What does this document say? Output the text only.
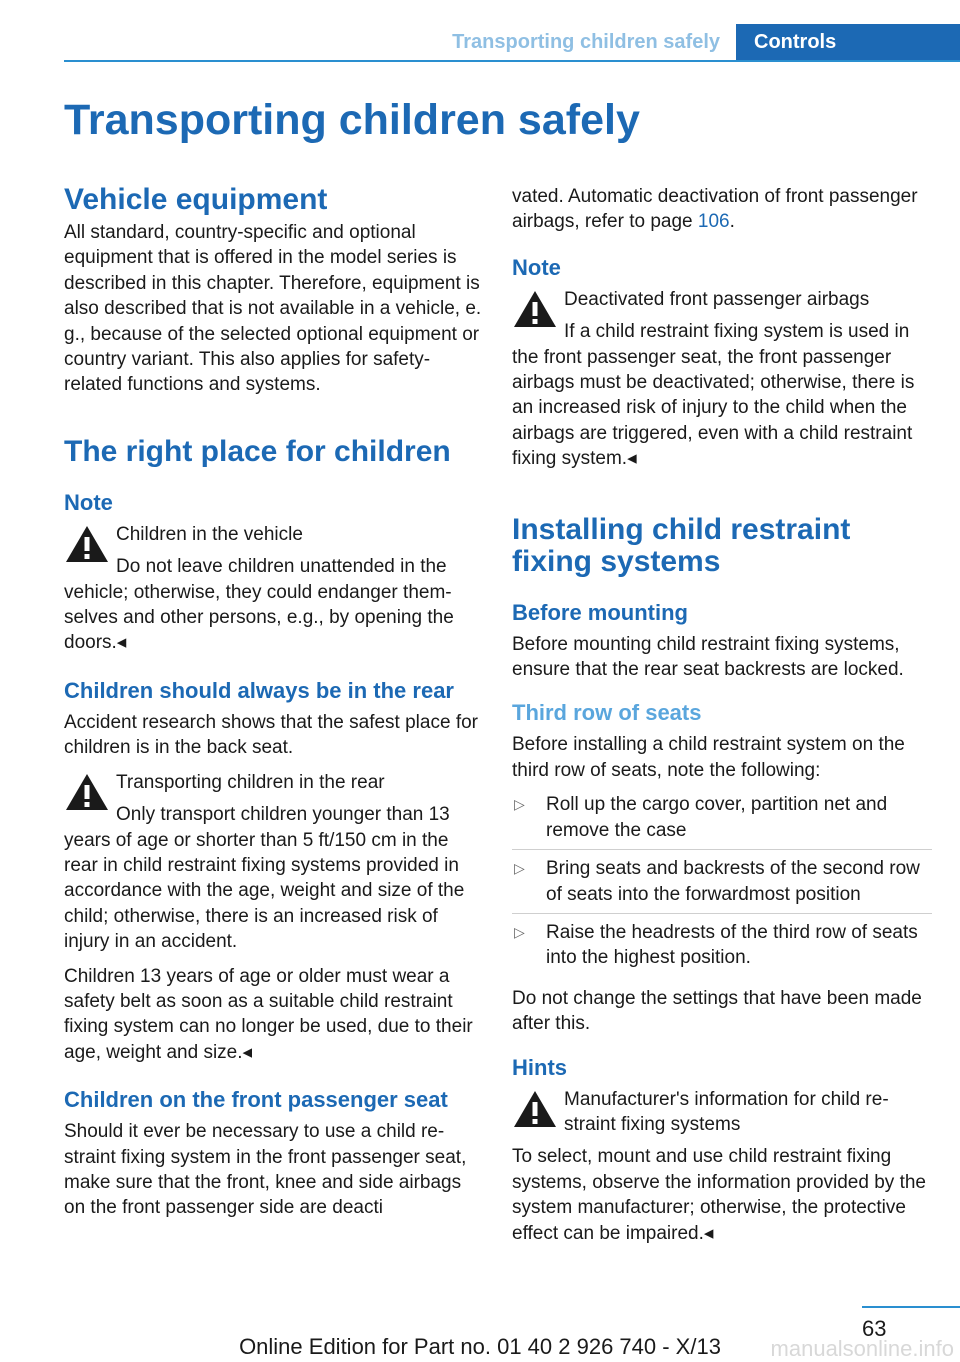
Transporting children safely	Controls
Transporting children safely
Vehicle equipment

All standard, country-specific and optional equipment that is offered in the model series is described in this chapter. Therefore, equipment is also described that is not available in a vehicle, e. g., because of the selected optional equipment or country variant. This also applies for safety-related functions and systems.

The right place for children
Note

Children in the vehicle

Do not leave children unattended in the vehicle; otherwise, they could endanger themselves and other persons, e.g., by opening the doors.◂

Children should always be in the rear

Accident research shows that the safest place for children is in the back seat.

Transporting children in the rear

Only transport children younger than 13 years of age or shorter than 5 ft/150 cm in the rear in child restraint fixing systems provided in accordance with the age, weight and size of the child; otherwise, there is an increased risk of injury in an accident.

Children 13 years of age or older must wear a safety belt as soon as a suitable child restraint fixing system can no longer be used, due to their age, weight and size.◂

Children on the front passenger seat

Should it ever be necessary to use a child restraint fixing system in the front passenger seat, make sure that the front, knee and side airbags on the front passenger side are deacti

vated. Automatic deactivation of front passenger airbags, refer to page 106.

Note

Deactivated front passenger airbags

If a child restraint fixing system is used in the front passenger seat, the front passenger airbags must be deactivated; otherwise, there is an increased risk of injury to the child when the airbags are triggered, even with a child restraint fixing system.◂

Installing child restraint fixing systems
Before mounting

Before mounting child restraint fixing systems, ensure that the rear seat backrests are locked.

Third row of seats

Before installing a child restraint system on the third row of seats, note the following:

▷ Roll up the cargo cover, partition net and remove the case
▷ Bring seats and backrests of the second row of seats into the forwardmost position
▷ Raise the headrests of the third row of seats into the highest position.

Do not change the settings that have been made after this.

Hints

Manufacturer's information for child restraint fixing systems

To select, mount and use child restraint fixing systems, observe the information provided by the system manufacturer; otherwise, the protective effect can be impaired.◂

63
manualsonline.info
Online Edition for Part no. 01 40 2 926 740 - X/13
